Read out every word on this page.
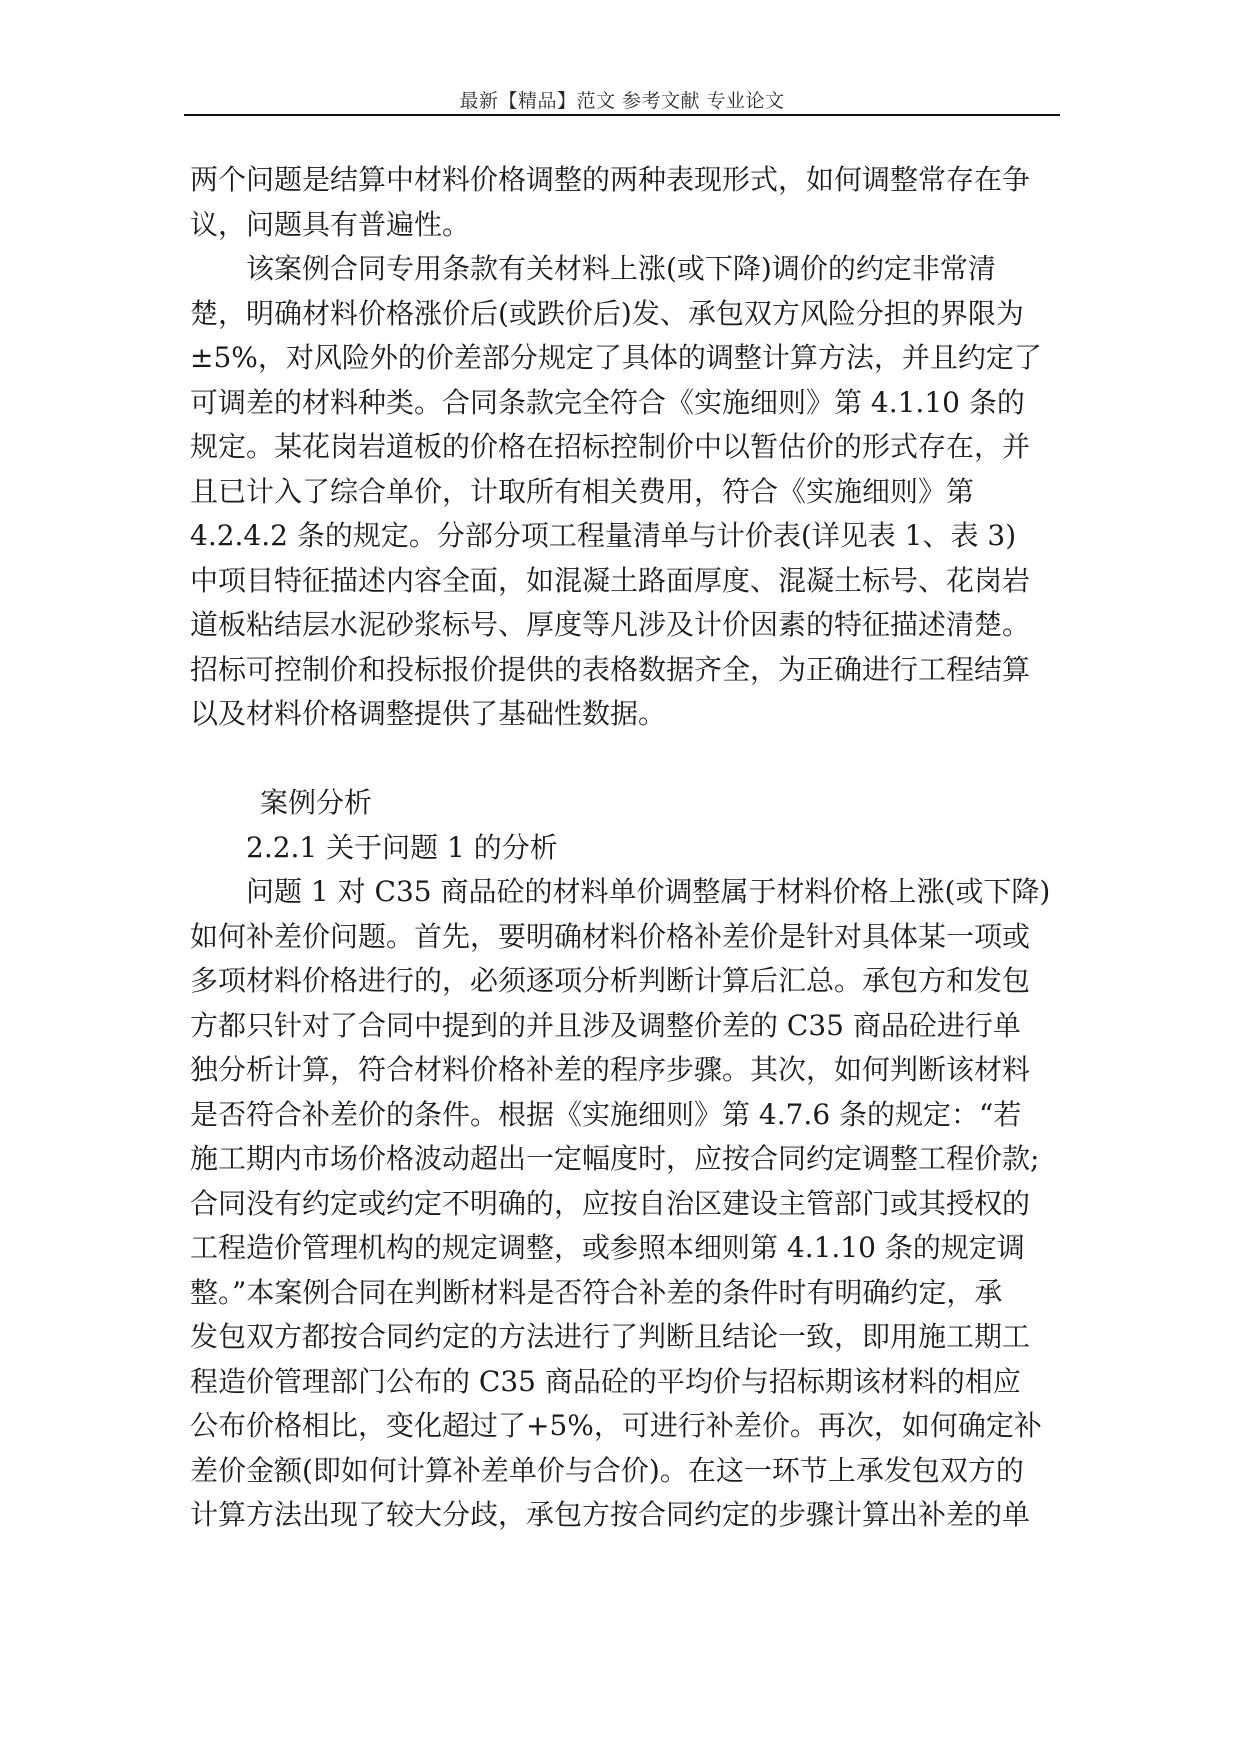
最新【精品】范文 参考文献 专业论文
两个问题是结算中材料价格调整的两种表现形式，如何调整常存在争
议，问题具有普遍性。
该案例合同专用条款有关材料上涨(或下降)调价的约定非常清
楚，明确材料价格涨价后(或跌价后)发、承包双方风险分担的界限为
±5%，对风险外的价差部分规定了具体的调整计算方法，并且约定了
可调差的材料种类。合同条款完全符合《实施细则》第 4.1.10 条的
规定。某花岗岩道板的价格在招标控制价中以暂估价的形式存在，并
且已计入了综合单价，计取所有相关费用，符合《实施细则》第
4.2.4.2 条的规定。分部分项工程量清单与计价表(详见表 1、表 3)
中项目特征描述内容全面，如混凝土路面厚度、混凝土标号、花岗岩
道板粘结层水泥砂浆标号、厚度等凡涉及计价因素的特征描述清楚。
招标可控制价和投标报价提供的表格数据齐全，为正确进行工程结算
以及材料价格调整提供了基础性数据。
案例分析
2.2.1 关于问题 1 的分析
问题 1 对 C35 商品砼的材料单价调整属于材料价格上涨(或下降)
如何补差价问题。首先，要明确材料价格补差价是针对具体某一项或
多项材料价格进行的，必须逐项分析判断计算后汇总。承包方和发包
方都只针对了合同中提到的并且涉及调整价差的 C35 商品砼进行单
独分析计算，符合材料价格补差的程序步骤。其次，如何判断该材料
是否符合补差价的条件。根据《实施细则》第 4.7.6 条的规定：“若
施工期内市场价格波动超出一定幅度时，应按合同约定调整工程价款;
合同没有约定或约定不明确的，应按自治区建设主管部门或其授权的
工程造价管理机构的规定调整，或参照本细则第 4.1.10 条的规定调
整。”本案例合同在判断材料是否符合补差的条件时有明确约定，承
发包双方都按合同约定的方法进行了判断且结论一致，即用施工期工
程造价管理部门公布的 C35 商品砼的平均价与招标期该材料的相应
公布价格相比，变化超过了+5%，可进行补差价。再次，如何确定补
差价金额(即如何计算补差单价与合价)。在这一环节上承发包双方的
计算方法出现了较大分歧，承包方按合同约定的步骤计算出补差的单
